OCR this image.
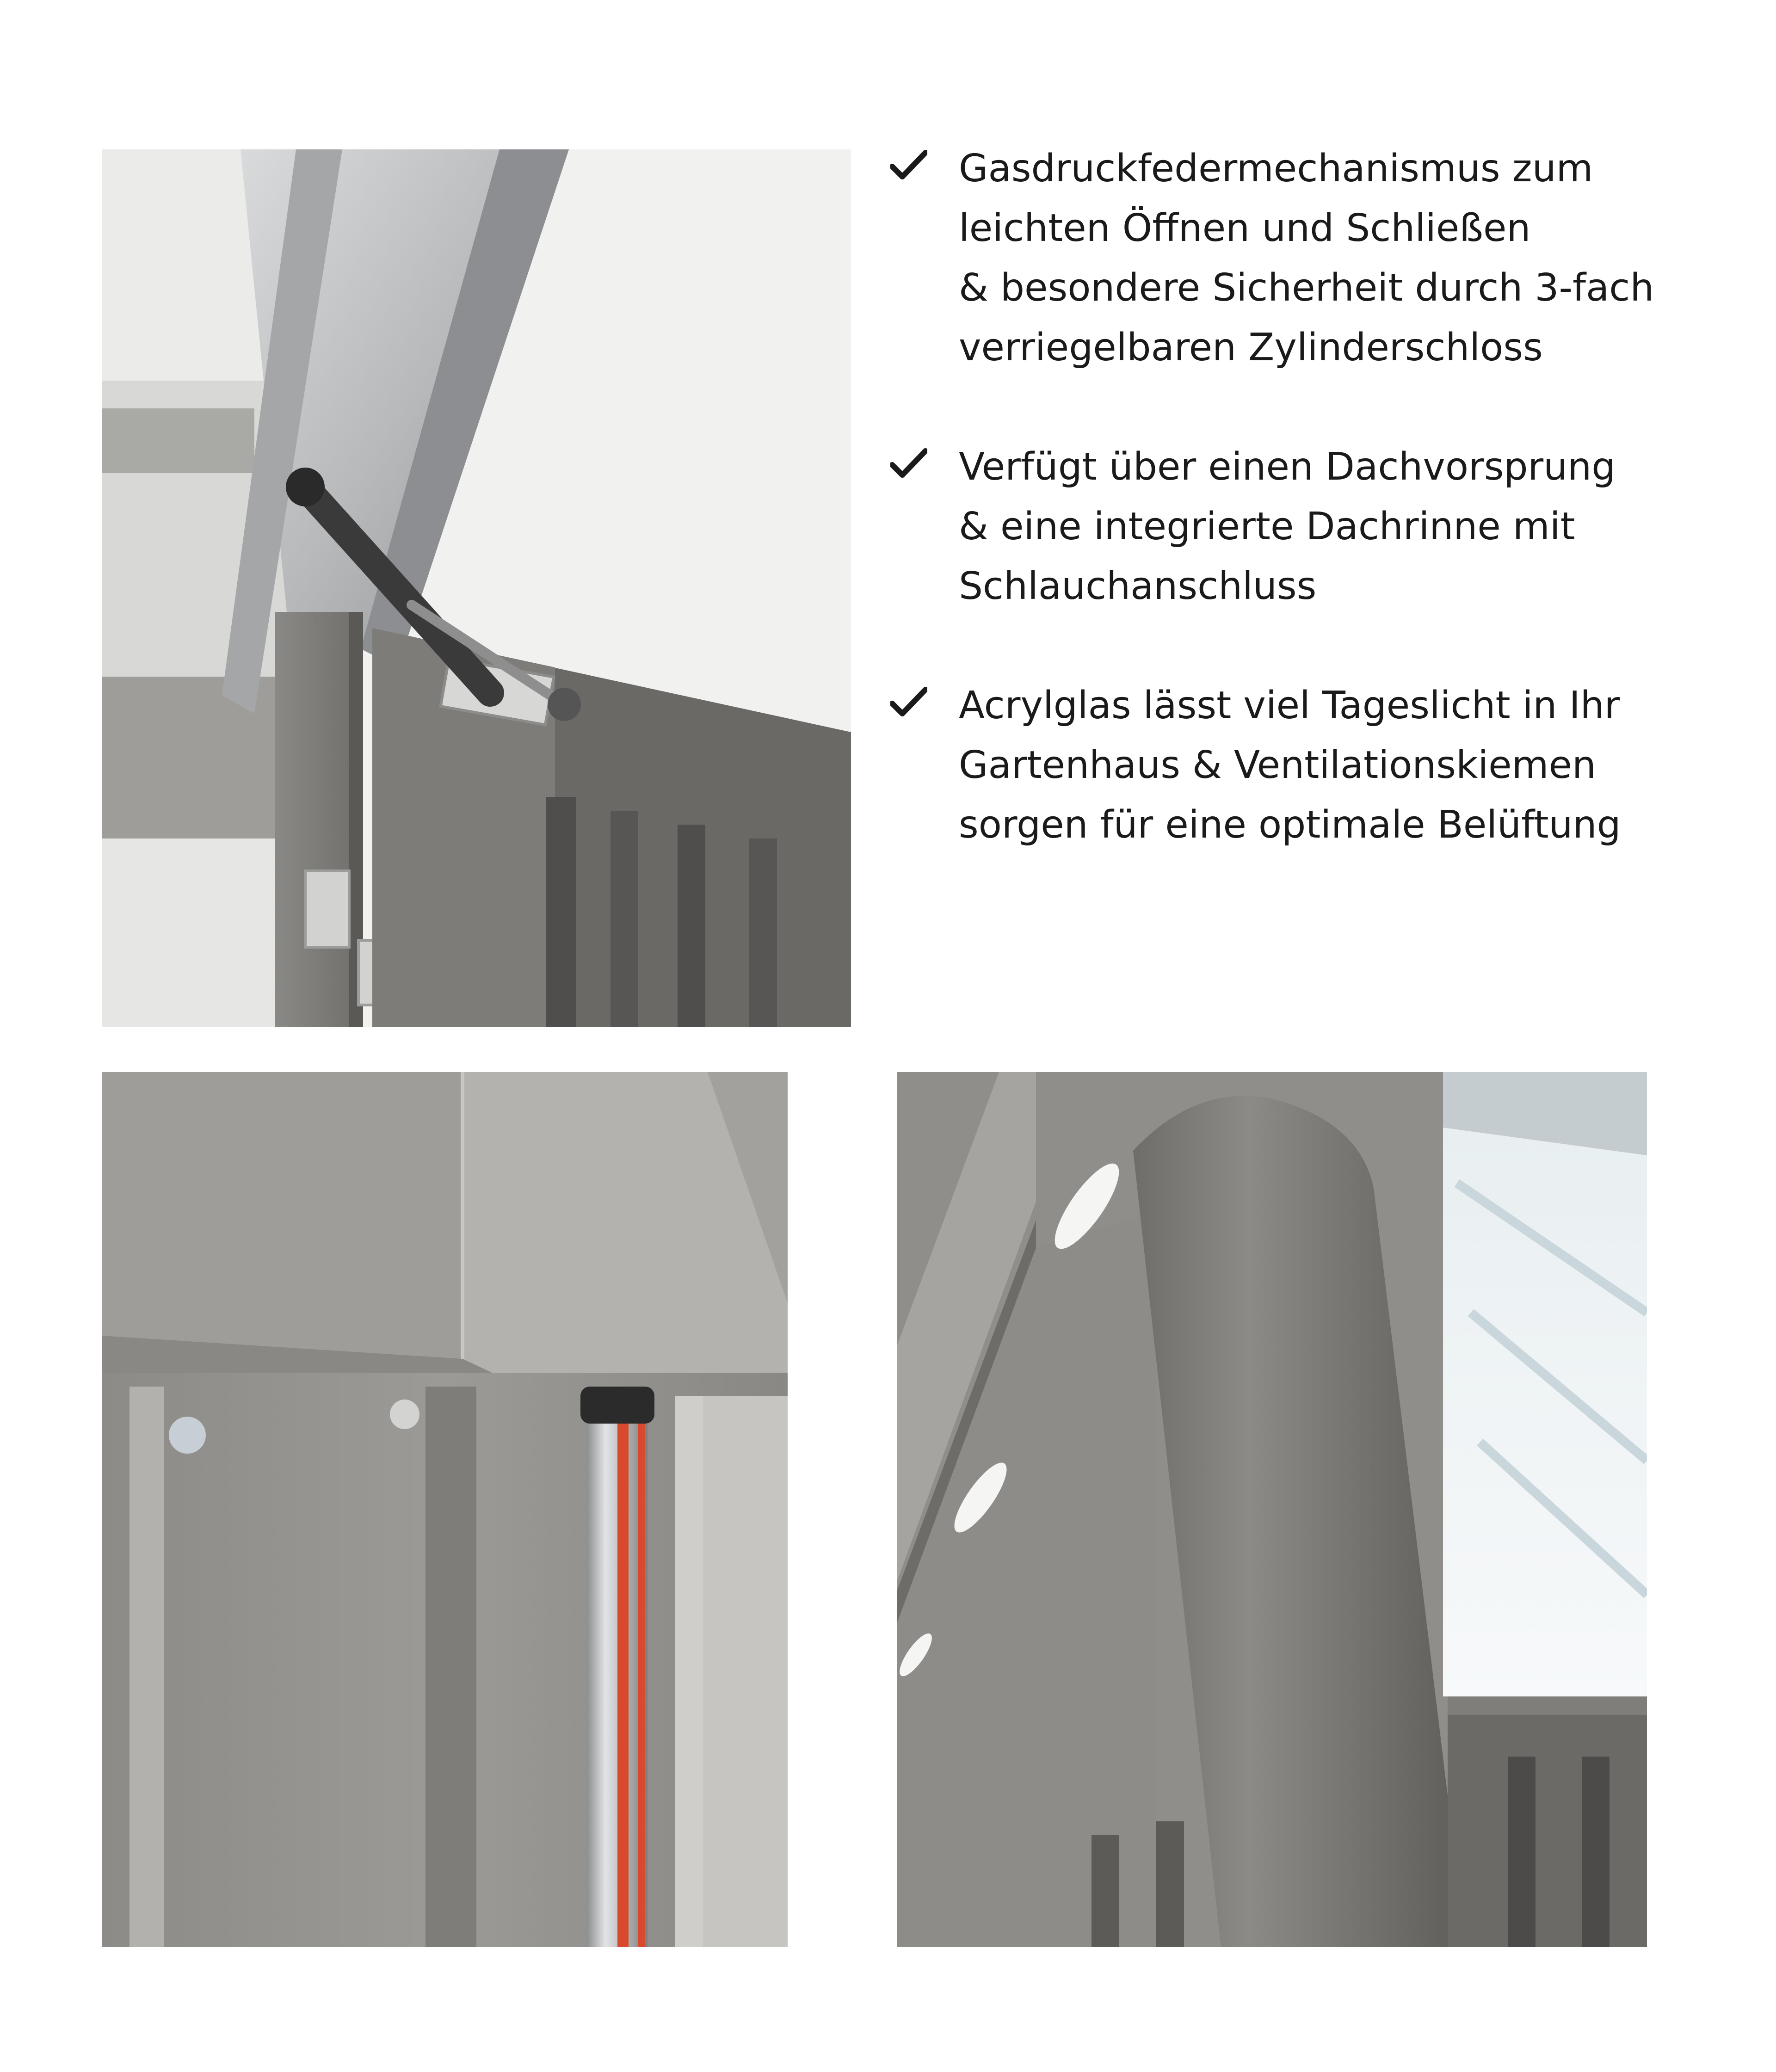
Gasdruckfedermechanismus zum
leichten Öffnen und Schließen
& besondere Sicherheit durch 3-fach
verriegelbaren Zylinderschloss
Verfügt über einen Dachvorsprung
& eine integrierte Dachrinne mit
Schlauchanschluss
Acrylglas lässt viel Tageslicht in Ihr
Gartenhaus & Ventilationskiemen
sorgen für eine optimale Belüftung
